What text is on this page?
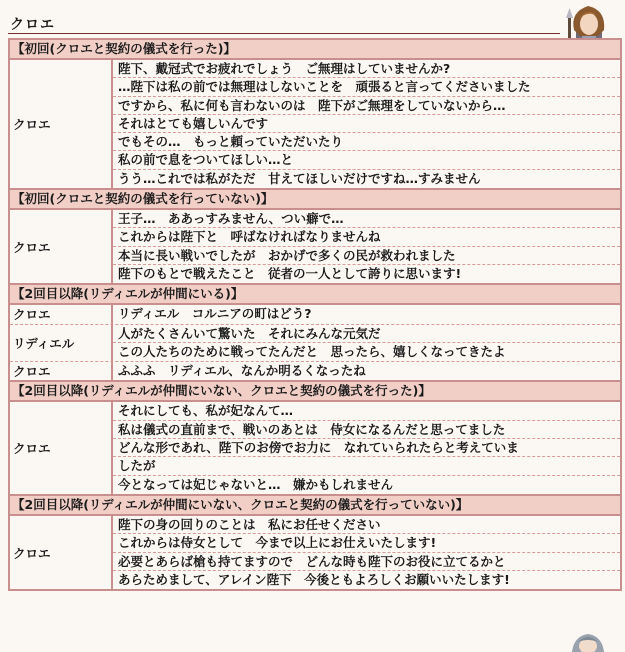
クロエ
【初回(クロエと契約の儀式を行った)】
クロエ
陛下、戴冠式でお疲れでしょう　ご無理はしていませんか?
…陛下は私の前では無理はしないことを　頑張ると言ってくださいました
ですから、私に何も言わないのは　陛下がご無理をしていないから…
それはとても嬉しいんです
でもその…　もっと頼っていただいたり
私の前で息をついてほしい…と
うう…これでは私がただ　甘えてほしいだけですね…すみません
【初回(クロエと契約の儀式を行っていない)】
クロエ
王子…　ああっすみません、つい癖で…
これからは陛下と　呼ばなければなりませんね
本当に長い戦いでしたが　おかげで多くの民が救われました
陛下のもとで戦えたこと　従者の一人として誇りに思います!
【2回目以降(リディエルが仲間にいる)】
クロエ	リディエル　コルニアの町はどう?
リディエル
人がたくさんいて驚いた　それにみんな元気だ
この人たちのために戦ってたんだと　思ったら、嬉しくなってきたよ
クロエ	ふふふ　リディエル、なんか明るくなったね
【2回目以降(リディエルが仲間にいない、クロエと契約の儀式を行った)】
クロエ
それにしても、私が妃なんて…
私は儀式の直前まで、戦いのあとは　侍女になるんだと思ってました
どんな形であれ、陛下のお傍でお力に　なれていられたらと考えていま
したが
今となっては妃じゃないと…　嫌かもしれません
【2回目以降(リディエルが仲間にいない、クロエと契約の儀式を行っていない)】
クロエ
陛下の身の回りのことは　私にお任せください
これからは侍女として　今まで以上にお仕えいたします!
必要とあらば槍も持てますので　どんな時も陛下のお役に立てるかと
あらためまして、アレイン陛下　今後ともよろしくお願いいたします!
